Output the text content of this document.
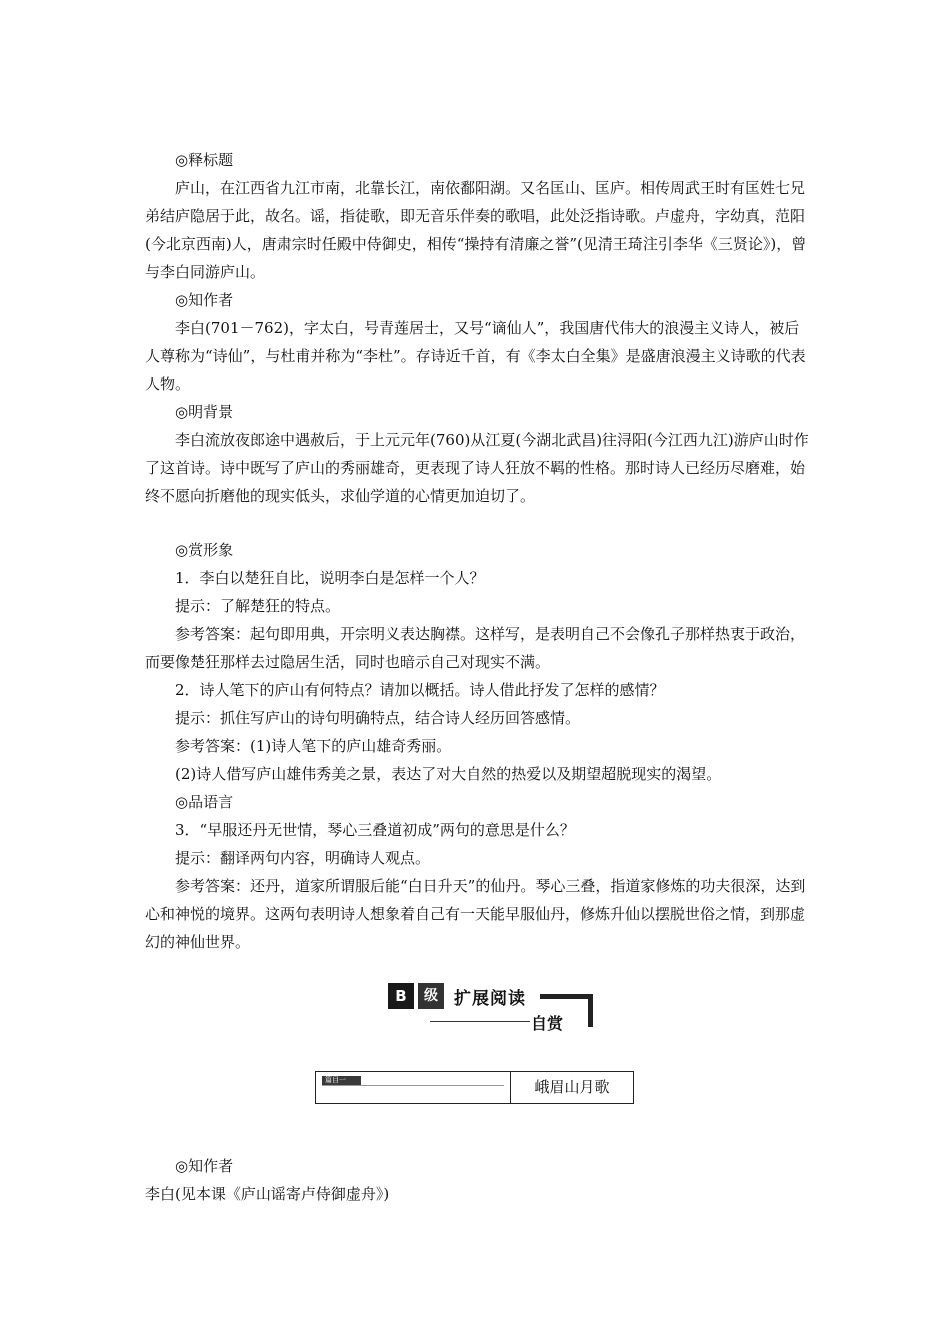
◎释标题

庐山，在江西省九江市南，北靠长江，南依鄱阳湖。又名匡山、匡庐。相传周武王时有匡姓七兄弟结庐隐居于此，故名。谣，指徒歌，即无音乐伴奏的歌唱，此处泛指诗歌。卢虚舟，字幼真，范阳(今北京西南)人，唐肃宗时任殿中侍御史，相传“操持有清廉之誉”(见清王琦注引李华《三贤论》)，曾与李白同游庐山。

◎知作者

李白(701－762)，字太白，号青莲居士，又号“谪仙人”，我国唐代伟大的浪漫主义诗人，被后人尊称为“诗仙”，与杜甫并称为“李杜”。存诗近千首，有《李太白全集》是盛唐浪漫主义诗歌的代表人物。

◎明背景

李白流放夜郎途中遇赦后，于上元元年(760)从江夏(今湖北武昌)往浔阳(今江西九江)游庐山时作了这首诗。诗中既写了庐山的秀丽雄奇，更表现了诗人狂放不羁的性格。那时诗人已经历尽磨难，始终不愿向折磨他的现实低头，求仙学道的心情更加迫切了。

◎赏形象

1．李白以楚狂自比，说明李白是怎样一个人？

提示：了解楚狂的特点。

参考答案：起句即用典，开宗明义表达胸襟。这样写，是表明自己不会像孔子那样热衷于政治，而要像楚狂那样去过隐居生活，同时也暗示自己对现实不满。

2．诗人笔下的庐山有何特点？请加以概括。诗人借此抒发了怎样的感情？

提示：抓住写庐山的诗句明确特点，结合诗人经历回答感情。

参考答案：(1)诗人笔下的庐山雄奇秀丽。

(2)诗人借写庐山雄伟秀美之景，表达了对大自然的热爱以及期望超脱现实的渴望。

◎品语言

3．“早服还丹无世情，琴心三叠道初成”两句的意思是什么？

提示：翻译两句内容，明确诗人观点。

参考答案：还丹，道家所谓服后能“白日升天”的仙丹。琴心三叠，指道家修炼的功夫很深，达到心和神悦的境界。这两句表明诗人想象着自己有一天能早服仙丹，修炼升仙以摆脱世俗之情，到那虚幻的神仙世界。

B	级 扩展阅读
自赏
篇目一	峨眉山月歌

◎知作者

李白(见本课《庐山谣寄卢侍御虚舟》)
